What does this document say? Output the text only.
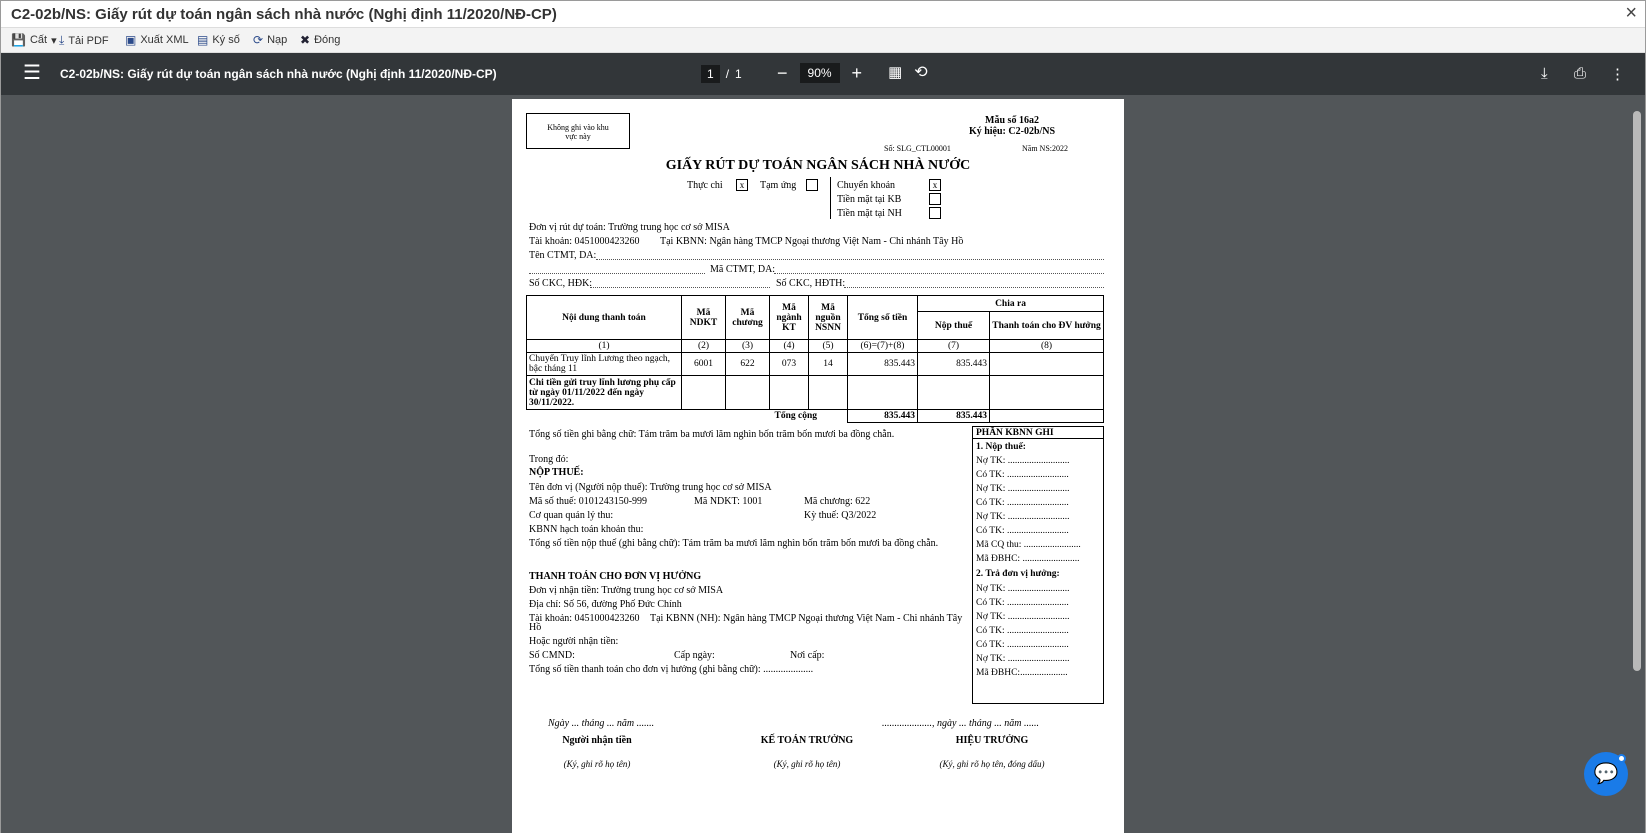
C2-02b/NS: Giấy rút dự toán ngân sách nhà nước (Nghị định 11/2020/NĐ-CP)	×
💾 Cất ▾ ⤓ Tải PDF ▣ Xuất XML ▤ Ký số ⟳ Nạp ✖ Đóng
☰ C2-02b/NS: Giấy rút dự toán ngân sách nhà nước (Nghị định 11/2020/NĐ-CP)	1	/ 1 −	90%	+ ▦ ⟲	⤓ ⎙ ⋮
Không ghi vào khu vực này
Mẫu số 16a2
Ký hiệu: C2-02b/NS
Số: SLG_CTL00001	Năm NS:2022
GIẤY RÚT DỰ TOÁN NGÂN SÁCH NHÀ NƯỚC
Thực chi	x	Tạm ứng	Chuyển khoản	x
Tiền mặt tại KB
Tiền mặt tại NH
Đơn vị rút dự toán: Trường trung học cơ sở MISA
Tài khoản: 0451000423260 Tại KBNN: Ngân hàng TMCP Ngoại thương Việt Nam - Chi nhánh Tây Hồ
Tên CTMT, DA:
Mã CTMT, DA:
Số CKC, HĐK:	Số CKC, HĐTH:
Nội dung thanh toán	Mã NDKT	Mã chương	Mã ngành KT	Mã nguồn NSNN	Tổng số tiền	Chia ra	
						Nộp thuế	Thanh toán cho ĐV hưởng
(1)	(2)	(3)	(4)	(5)	(6)=(7)+(8)	(7)	(8)
Chuyển Truy lĩnh Lương theo ngạch, bậc tháng 11	6001	622	073	14	835.443	835.443	
Chi tiền gửi truy lĩnh lương phụ cấp từ ngày 01/11/2022 đến ngày 30/11/2022.							
Tổng cộng					835.443	835.443	
Tổng số tiền ghi bằng chữ: Tám trăm ba mươi lăm nghìn bốn trăm bốn mươi ba đồng chẵn.
Trong đó:
NỘP THUẾ:
Tên đơn vị (Người nộp thuế): Trường trung học cơ sở MISA
Mã số thuế: 0101243150-999	Mã NDKT: 1001	Mã chương: 622
Cơ quan quản lý thu:	Kỳ thuế: Q3/2022
KBNN hạch toán khoản thu:
Tổng số tiền nộp thuế (ghi bằng chữ): Tám trăm ba mươi lăm nghìn bốn trăm bốn mươi ba đồng chẵn.
THANH TOÁN CHO ĐƠN VỊ HƯỞNG
Đơn vị nhận tiền: Trường trung học cơ sở MISA
Địa chỉ: Số 56, đường Phố Đức Chính
Tài khoản: 0451000423260 Tại KBNN (NH): Ngân hàng TMCP Ngoại thương Việt Nam - Chi nhánh Tây
Hồ
Hoặc người nhận tiền:
Số CMND:	Cấp ngày:	Nơi cấp:
Tổng số tiền thanh toán cho đơn vị hưởng (ghi bằng chữ): ....................
PHẦN KBNN GHI
1. Nộp thuế:
Nợ TK: ..........................
Có TK: ..........................
Nợ TK: ..........................
Có TK: ..........................
Nợ TK: ..........................
Có TK: ..........................
Mã CQ thu: ........................
Mã ĐBHC: ........................
2. Trả đơn vị hưởng:
Nợ TK: ..........................
Có TK: ..........................
Nợ TK: ..........................
Có TK: ..........................
Có TK: ..........................
Nợ TK: ..........................
Mã ĐBHC:....................
Ngày ... tháng ... năm .......	...................., ngày ... tháng ... năm ......
Người nhận tiền	KẾ TOÁN TRƯỞNG	HIỆU TRƯỞNG
(Ký, ghi rõ họ tên)	(Ký, ghi rõ họ tên)	(Ký, ghi rõ họ tên, đóng dấu)	💬
